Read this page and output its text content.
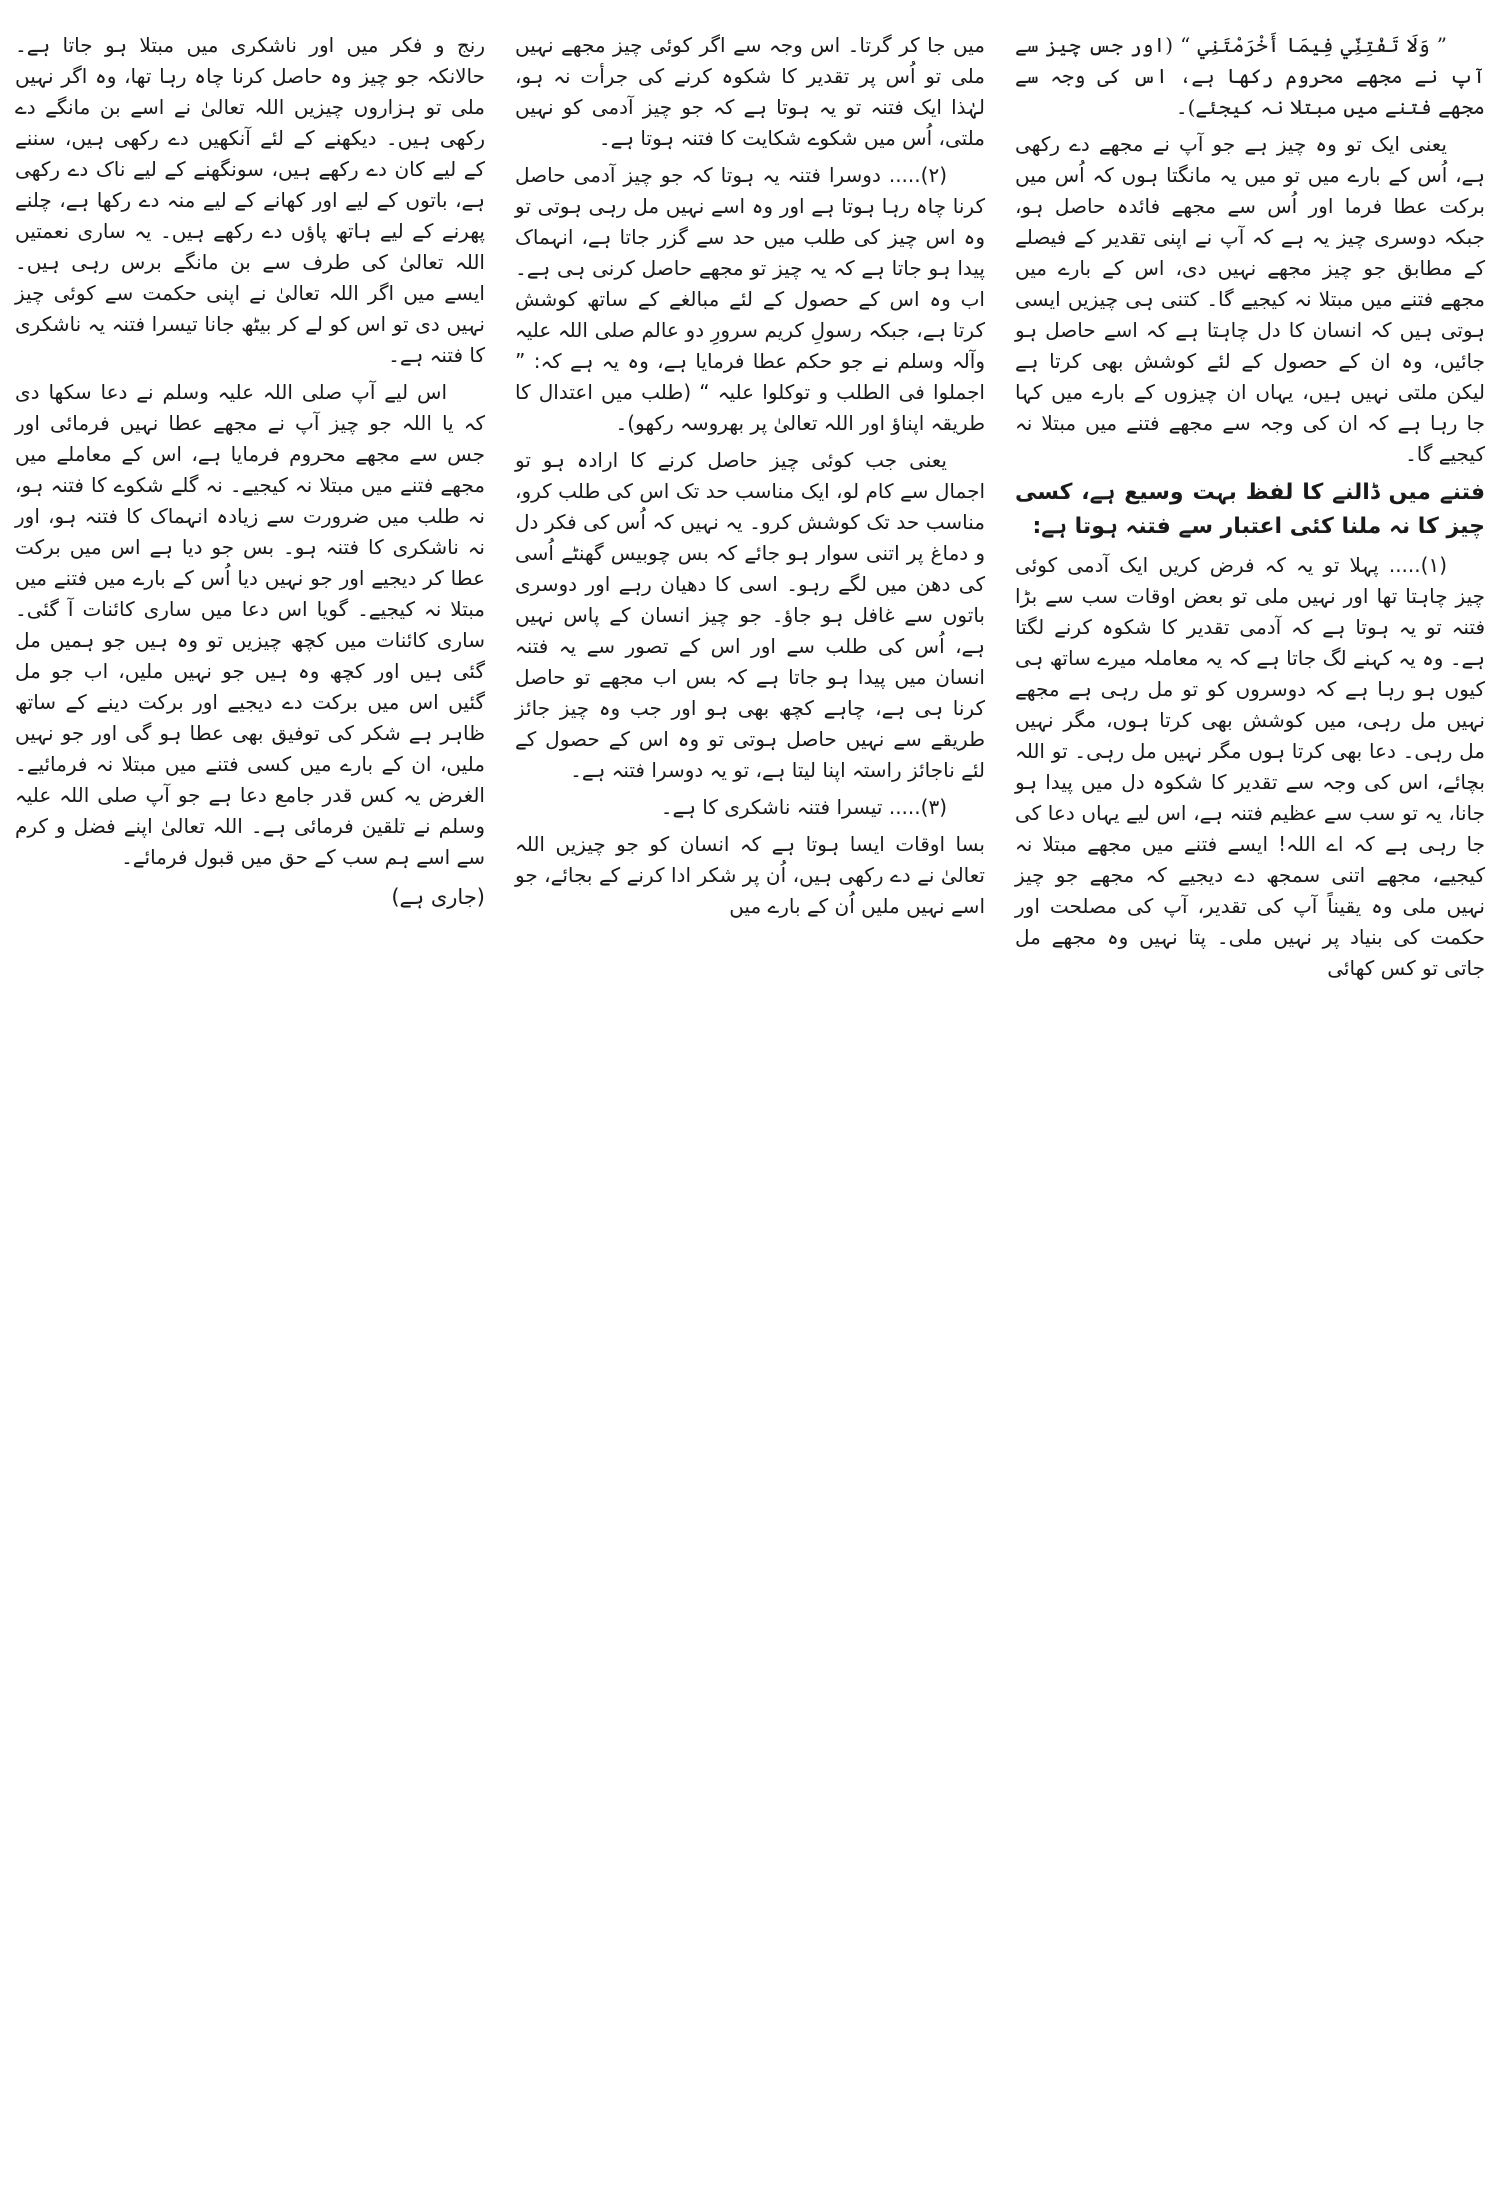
” وَلَا تَفْتِنِّي فِيمَا أَخْرَمْتَنِي “ (اور جس چیز سے آپ نے مجھے محروم رکھا ہے، اس کی وجہ سے مجھے فتنے میں مبتلا نہ کیجئے)۔

یعنی ایک تو وہ چیز ہے جو آپ نے مجھے دے رکھی ہے، اُس کے بارے میں تو میں یہ مانگتا ہوں کہ اُس میں برکت عطا فرما اور اُس سے مجھے فائدہ حاصل ہو، جبکہ دوسری چیز یہ ہے کہ آپ نے اپنی تقدیر کے فیصلے کے مطابق جو چیز مجھے نہیں دی، اس کے بارے میں مجھے فتنے میں مبتلا نہ کیجیے گا۔ کتنی ہی چیزیں ایسی ہوتی ہیں کہ انسان کا دل چاہتا ہے کہ اسے حاصل ہو جائیں، وہ ان کے حصول کے لئے کوشش بھی کرتا ہے لیکن ملتی نہیں ہیں، یہاں ان چیزوں کے بارے میں کہا جا رہا ہے کہ ان کی وجہ سے مجھے فتنے میں مبتلا نہ کیجیے گا۔

فتنے میں ڈالنے کا لفظ بہت وسیع ہے، کسی چیز کا نہ ملنا کئی اعتبار سے فتنہ ہوتا ہے:

(۱)..... پہلا تو یہ کہ فرض کریں ایک آدمی کوئی چیز چاہتا تھا اور نہیں ملی تو بعض اوقات سب سے بڑا فتنہ تو یہ ہوتا ہے کہ آدمی تقدیر کا شکوہ کرنے لگتا ہے۔ وہ یہ کہنے لگ جاتا ہے کہ یہ معاملہ میرے ساتھ ہی کیوں ہو رہا ہے کہ دوسروں کو تو مل رہی ہے مجھے نہیں مل رہی، میں کوشش بھی کرتا ہوں، مگر نہیں مل رہی۔ دعا بھی کرتا ہوں مگر نہیں مل رہی۔ تو اللہ بچائے، اس کی وجہ سے تقدیر کا شکوہ دل میں پیدا ہو جانا، یہ تو سب سے عظیم فتنہ ہے، اس لیے یہاں دعا کی جا رہی ہے کہ اے اللہ! ایسے فتنے میں مجھے مبتلا نہ کیجیے، مجھے اتنی سمجھ دے دیجیے کہ مجھے جو چیز نہیں ملی وہ یقیناً آپ کی تقدیر، آپ کی مصلحت اور حکمت کی بنیاد پر نہیں ملی۔ پتا نہیں وہ مجھے مل جاتی تو کس کھائی

میں جا کر گرتا۔ اس وجہ سے اگر کوئی چیز مجھے نہیں ملی تو اُس پر تقدیر کا شکوہ کرنے کی جرأت نہ ہو، لہٰذا ایک فتنہ تو یہ ہوتا ہے کہ جو چیز آدمی کو نہیں ملتی، اُس میں شکوے شکایت کا فتنہ ہوتا ہے۔

(۲)..... دوسرا فتنہ یہ ہوتا کہ جو چیز آدمی حاصل کرنا چاہ رہا ہوتا ہے اور وہ اسے نہیں مل رہی ہوتی تو وہ اس چیز کی طلب میں حد سے گزر جاتا ہے، انہماک پیدا ہو جاتا ہے کہ یہ چیز تو مجھے حاصل کرنی ہی ہے۔ اب وہ اس کے حصول کے لئے مبالغے کے ساتھ کوشش کرتا ہے، جبکہ رسولِ کریم سرورِ دو عالم صلی اللہ علیہ وآلہ وسلم نے جو حکم عطا فرمایا ہے، وہ یہ ہے کہ: ” اجملوا فی الطلب و توکلوا علیہ “ (طلب میں اعتدال کا طریقہ اپناؤ اور اللہ تعالیٰ پر بھروسہ رکھو)۔

یعنی جب کوئی چیز حاصل کرنے کا ارادہ ہو تو اجمال سے کام لو، ایک مناسب حد تک اس کی طلب کرو، مناسب حد تک کوشش کرو۔ یہ نہیں کہ اُس کی فکر دل و دماغ پر اتنی سوار ہو جائے کہ بس چوبیس گھنٹے اُسی کی دھن میں لگے رہو۔ اسی کا دھیان رہے اور دوسری باتوں سے غافل ہو جاؤ۔ جو چیز انسان کے پاس نہیں ہے، اُس کی طلب سے اور اس کے تصور سے یہ فتنہ انسان میں پیدا ہو جاتا ہے کہ بس اب مجھے تو حاصل کرنا ہی ہے، چاہے کچھ بھی ہو اور جب وہ چیز جائز طریقے سے نہیں حاصل ہوتی تو وہ اس کے حصول کے لئے ناجائز راستہ اپنا لیتا ہے، تو یہ دوسرا فتنہ ہے۔

(۳)..... تیسرا فتنہ ناشکری کا ہے۔

بسا اوقات ایسا ہوتا ہے کہ انسان کو جو چیزیں اللہ تعالیٰ نے دے رکھی ہیں، اُن پر شکر ادا کرنے کے بجائے، جو اسے نہیں ملیں اُن کے بارے میں

رنج و فکر میں اور ناشکری میں مبتلا ہو جاتا ہے۔ حالانکہ جو چیز وہ حاصل کرنا چاہ رہا تھا، وہ اگر نہیں ملی تو ہزاروں چیزیں اللہ تعالیٰ نے اسے بن مانگے دے رکھی ہیں۔ دیکھنے کے لئے آنکھیں دے رکھی ہیں، سننے کے لیے کان دے رکھے ہیں، سونگھنے کے لیے ناک دے رکھی ہے، باتوں کے لیے اور کھانے کے لیے منہ دے رکھا ہے، چلنے پھرنے کے لیے ہاتھ پاؤں دے رکھے ہیں۔ یہ ساری نعمتیں اللہ تعالیٰ کی طرف سے بن مانگے برس رہی ہیں۔ ایسے میں اگر اللہ تعالیٰ نے اپنی حکمت سے کوئی چیز نہیں دی تو اس کو لے کر بیٹھ جانا تیسرا فتنہ یہ ناشکری کا فتنہ ہے۔

اس لیے آپ صلی اللہ علیہ وسلم نے دعا سکھا دی کہ یا اللہ جو چیز آپ نے مجھے عطا نہیں فرمائی اور جس سے مجھے محروم فرمایا ہے، اس کے معاملے میں مجھے فتنے میں مبتلا نہ کیجیے۔ نہ گلے شکوے کا فتنہ ہو، نہ طلب میں ضرورت سے زیادہ انہماک کا فتنہ ہو، اور نہ ناشکری کا فتنہ ہو۔ بس جو دیا ہے اس میں برکت عطا کر دیجیے اور جو نہیں دیا اُس کے بارے میں فتنے میں مبتلا نہ کیجیے۔ گویا اس دعا میں ساری کائنات آ گئی۔ ساری کائنات میں کچھ چیزیں تو وہ ہیں جو ہمیں مل گئی ہیں اور کچھ وہ ہیں جو نہیں ملیں، اب جو مل گئیں اس میں برکت دے دیجیے اور برکت دینے کے ساتھ ظاہر ہے شکر کی توفیق بھی عطا ہو گی اور جو نہیں ملیں، ان کے بارے میں کسی فتنے میں مبتلا نہ فرمائیے۔ الغرض یہ کس قدر جامع دعا ہے جو آپ صلی اللہ علیہ وسلم نے تلقین فرمائی ہے۔ اللہ تعالیٰ اپنے فضل و کرم سے اسے ہم سب کے حق میں قبول فرمائے۔

(جاری ہے)
